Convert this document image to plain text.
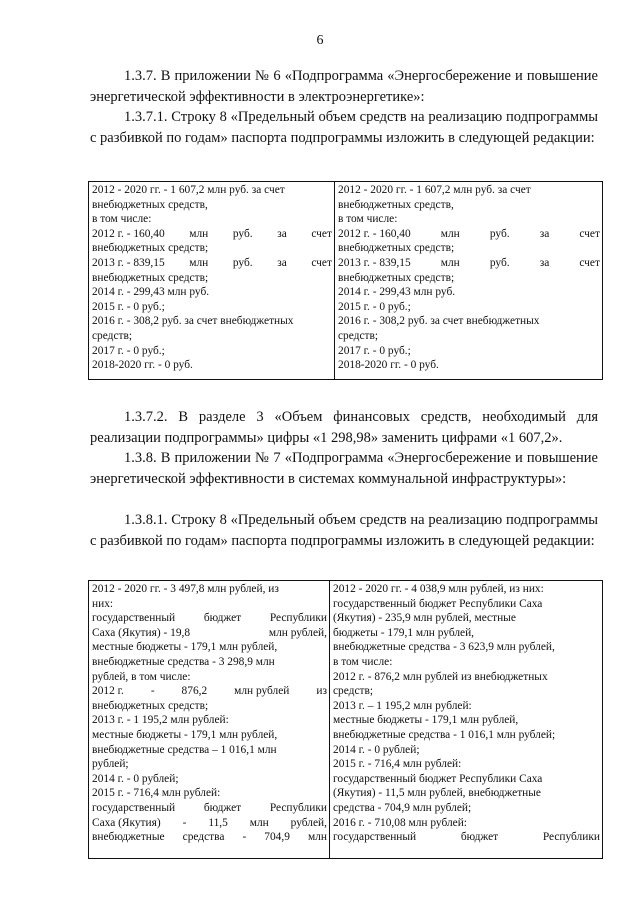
6

1.3.7. В приложении № 6 «Подпрограмма «Энергосбережение и повышение энергетической эффективности в электроэнергетике»:

1.3.7.1. Строку 8 «Предельный объем средств на реализацию подпрограммы с разбивкой по годам» паспорта подпрограммы изложить в следующей редакции:

2012 - 2020 гг. - 1 607,2 млн руб. за счет
внебюджетных средств,
в том числе:
2012 г. - 160,40 млн руб. за счет
внебюджетных средств;
2013 г. - 839,15 млн руб. за счет
внебюджетных средств;
2014 г. - 299,43 млн руб.
2015 г. - 0 руб.;
2016 г. - 308,2 руб. за счет внебюджетных
средств;
2017 г. - 0 руб.;
2018-2020 гг. - 0 руб.

2012 - 2020 гг. - 1 607,2 млн руб. за счет
внебюджетных средств,
в том числе:
2012 г. - 160,40	млн	руб.	за	счет
внебюджетных средств;
2013 г. - 839,15	млн	руб.	за	счет
внебюджетных средств;
2014 г. - 299,43 млн руб.
2015 г. - 0 руб.;
2016 г. - 308,2 руб. за счет внебюджетных
средств;
2017 г. - 0 руб.;
2018-2020 гг. - 0 руб.

1.3.7.2. В разделе 3 «Объем финансовых средств, необходимый для реализации подпрограммы» цифры «1 298,98» заменить цифрами «1 607,2».

1.3.8. В приложении № 7 «Подпрограмма «Энергосбережение и повышение энергетической эффективности в системах коммунальной инфраструктуры»:

1.3.8.1. Строку 8 «Предельный объем средств на реализацию подпрограммы с разбивкой по годам» паспорта подпрограммы изложить в следующей редакции:

2012 - 2020 гг. - 3 497,8 млн рублей, из
них:
государственный	бюджет	Республики
Саха (Якутия) - 19,8	млн рублей,
местные бюджеты - 179,1 млн рублей,
внебюджетные средства - 3 298,9 млн
рублей, в том числе:
2012 г. - 876,2 млн рублей из
внебюджетных средств;
2013 г. - 1 195,2 млн рублей:
местные бюджеты - 179,1 млн рублей,
внебюджетные средства – 1 016,1 млн
рублей;
2014 г. - 0 рублей;
2015 г. - 716,4 млн рублей:
государственный	бюджет	Республики
Саха (Якутия) - 11,5 млн рублей,
внебюджетные средства - 704,9 млн

2012 - 2020 гг. - 4 038,9 млн рублей, из них:
государственный бюджет Республики Саха
(Якутия) - 235,9 млн рублей, местные
бюджеты - 179,1 млн рублей,
внебюджетные средства - 3 623,9 млн рублей,
в том числе:
2012 г. - 876,2 млн рублей из внебюджетных
средств;
2013 г. – 1 195,2 млн рублей:
местные бюджеты - 179,1 млн рублей,
внебюджетные средства - 1 016,1 млн рублей;
2014 г. - 0 рублей;
2015 г. - 716,4 млн рублей:
государственный бюджет Республики Саха
(Якутия) - 11,5 млн рублей, внебюджетные
средства - 704,9 млн рублей;
2016 г. - 710,08 млн рублей:
государственный	бюджет	Республики
